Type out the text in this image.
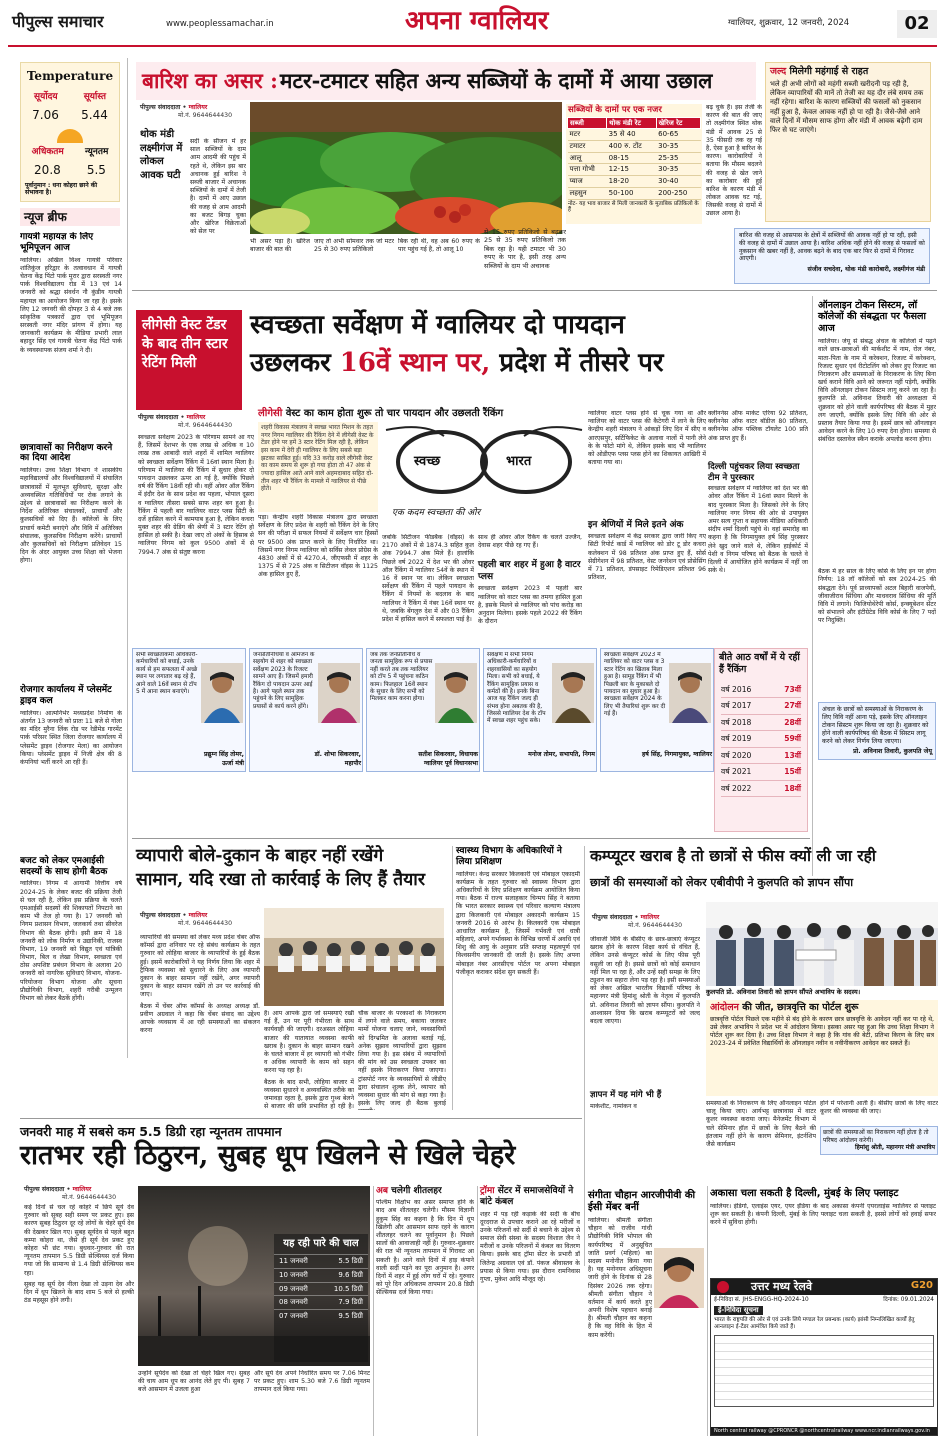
पीपुल्स समाचार	www.peoplessamachar.in	अपना ग्वालियर	ग्वालियर, शुक्रवार, 12 जनवरी, 2024	02
Temperature
सूर्योदय	सूर्यास्त
7.06 5.44
अधिकतम न्यूनतम
20.8 5.5
पूर्वानुमान : धना कोहरा छाने की संभावना है।
न्यूज ब्रीफ
गायत्री महायज्ञ के लिए भूमिपूजन आज
ग्वालियर। अखिल विश्व गायत्री परिवार शांतिकुंज हरिद्वार के तत्वावधान में गायत्री चेतना केंद्र पिंटो पार्क मुरार द्वारा सरस्वती नगर पार्क विश्वविद्यालय रोड में 13 एवं 14 जनवरी को श्रद्धा संवर्धन नौ कुंडीय गायत्री महायज्ञ का आयोजन किया जा रहा है। इसके लिए 12 जनवरी की दोपहर 3 से 4 बजे तक सांकृतिक पत्रकारों द्वारा एवं भूमिपूजन सरस्वती नगर मंदिर प्रांगण में होगा। यह जानकारी कार्यक्रम के मीडिया प्रभारी लाल बहादुर सिंह एवं गायत्री चेतना केंद्र पिंटो पार्क के व्यवस्थापक संजय शर्मा ने दी।
छात्रावासों का निरीक्षण करने का दिया आदेश
ग्वालियर। उच्च शिक्षा विभाग ने शासकीय महाविद्यालयों और विश्वविद्यालयों में संचालित छात्रावासों में मूलभूत सुविधाएं, सुरक्षा और अव्यवस्थित गतिविधियों पर रोक लगाने के उद्देश्य से छात्रावासों का निरीक्षण करने के निर्देश अतिरिक्त संचालकों, प्राचार्यों और कुलसचिवों को दिए हैं। कॉलेजों के लिए प्राचार्य कमेटी बनाएंगे और विवि में अतिरिक्त संचालक, कुलसचिव निरीक्षण करेंगे। प्राचार्यों और कुलसचिवों को निरीक्षण प्रतिवेदन 15 दिन के अंदर आयुक्त उच्च शिक्षा को भेजना होगा।
रोजगार कार्यालय में प्लेसमेंट ड्राइव कल
ग्वालियर। आत्मनिर्भर मध्यप्रदेश निर्माण के अंतर्गत 13 जनवरी को प्रातः 11 बजे से गोला का मंदिर मुरैना लिंक रोड पर रेडीमेड गारमेंट पार्क परिसर स्थित जिला रोजगार कार्यालय में प्लेसमेंट ड्राइव (रोजगार मेला) का आयोजन किया। प्लेसमेंट ड्राइव में निजी क्षेत्र की 8 कंपनियां भर्ती करने आ रही हैं।
बजट को लेकर एमआईसी सदस्यों के साथ होगी बैठक
ग्वालियर। निगम में आगामी वित्तीय वर्ष 2024-25 के लेकर बजट की प्रक्रिया तेजी से चल रही है, लेकिन इस प्रक्रिया के चलते एमआईसी सदस्यों की शिकायतों निपटाने का काम भी तेज हो गया है। 17 जनवरी को निगम प्रशासन विभाग, जलकार्य तथा सीवरेज विभाग की बैठक होगी। इसी क्रम में 18 जनवरी को लोक निर्माण व उद्यानिकी, राजस्व विभाग, 19 जनवरी को विद्युत एवं यांत्रिकी विभाग, बिल व लेखा विभाग, स्वच्छता एवं ठोस अपशिष्ट प्रबंधन विभाग के अलावा 20 जनवरी को नागरिक सुविधाएं विभाग, योजना-परियोजना विभाग योजना और सूचना प्रौद्योगिकी विभाग, शहरी गरीबी उन्मूलन विभाग को लेकर बैठकें होंगी।
बारिश का असर : मटर-टमाटर सहित अन्य सब्जियों के दामों में आया उछाल
पीपुल्स संवाददाता • ग्वालियर
मो.नं. 9644644430
थोक मंडी लक्ष्मीगंज में लोकल आवक घटी
सर्दी के सीजन में हर साल सब्जियों के दाम आम आदमी की पहुंच में रहते थे, लेकिन इस बार अचानक हुई बारिश ने सब्जी बाजार में अचानक सब्जियों के दामों में तेजी है। दामों में आए उछाल की वजह से आम आदमी का बजट बिगड़ चुका और खेरिज विक्रेताओं को सेल पर
भी असर पड़ा है। खेरिज बाजार की बात की
जाए तो अभी सोमवार तक जो मटर 25 से 30 रुपए प्रतिकिलो
बिक रही थी, वह अब 60 रुपए के पार पहुंच गई है, तो आलू 10
से 15 रुपए प्रतिकिलो से बढ़कर 25 से 35 रुपए प्रतिकिलो तक बिक रहा है। यही टमाटर भी 30 रुपए के पार है, इसी तरह अन्य सब्जियों के दाम भी अचानक
सब्जियों के दामों पर एक नजर
सब्जी	थोक मंडी रेट	खेरिज रेट
मटर	35 से 40	60-65
टमाटर	400 रु. टोंट	30-35
आलू	08-15	25-35
पत्ता गोभी	12-15	30-35
प्याज	18-20	30-40
लहसुन	50-100	200-250
नोट- यह भाव बाजार से मिली जानकारी के मुताबिक प्रतिकिलो के हैं
बढ़ चुके हैं। इस तेजी के कारण की बात की जाए तो लक्ष्मीगंज स्थित थोक मंडी में आवक 25 से 35 फीसदी तक रह गई है, ऐसा हुआ है बारिश के कारण। कारोबारियों ने बताया कि मौसम बदलने की वजह से खेत जाने का कारोबार की हुई बारिश के कारण मंडी में लोकल आवक घट गई, जिसकी वजह से दामों में उछाल आया है।
बारिश की वजह से आसपास के क्षेत्रों में सब्जियों की आवक नहीं हो पा रही, इसी की वजह से दामों में उछाल आया है। बारिश अधिक नहीं होने की वजह से फसलों को नुकसान की खबर नहीं है, आवक बढ़ने के बाद एक बार फिर से दामों में गिरावट आएगी।
संजीव सचदेवा, थोक मंडी कारोबारी, लक्ष्मीगंज मंडी
जल्द मिलेगी महंगाई से राहत
भले ही अभी लोगों को महंगी सब्जी खरीदनी पड़ रही है, लेकिन व्यापारियों की मानें तो तेजी का यह दौर लंबे समय तक नहीं रहेगा। बारिश के कारण सब्जियों की फसलों को नुकसान नहीं हुआ है, केवल आवक नहीं हो पा रही है। जैसे-जैसे आने वाले दिनों में मौसम साफ होगा और मंडी में आवक बढ़ेगी दाम फिर से घट जाएंगे।
लीगेसी वेस्ट टेंडर के बाद तीन स्टार रेटिंग मिली
स्वच्छता सर्वेक्षण में ग्वालियर दो पायदान
उछलकर 16वें स्थान पर, प्रदेश में तीसरे पर
पीपुल्स संवाददाता • ग्वालियर
मो.नं. 9644644430
लीगेसी वेस्ट का काम होता शुरू तो चार पायदान और उछलती रैंकिंग
शहरी विकास मंत्रालय ने स्वच्छ भारत मिशन के तहत नगर निगम ग्वालियर की रैंकिंग देने में लीगेसी वेस्ट के टेंडर होने पर हमें 3 स्टार रेटिंग मिल रही है, लेकिन इस काम में देरी ही ग्वालियर के लिए सबसे बड़ा झटका साबित हुई। यदि 33 करोड़ वाले लीगेसी वेस्ट का काम समय से शुरू हो गया होता तो 47 अंक से ज्यादा हासिल आते आने वाले अहमदाबाद सहित दो-तीन शहर भी रैंकिंग के मामले में ग्वालियर से पीछे होते।
स्वच्छ	भारत
एक कदम स्वच्छता की ओर
स्वच्छता सर्वेक्षण 2023 के परिणाम सामने आ गए हैं, जिसमें देशभर के एक लाख से अधिक व 10 लाख तक आबादी वाले शहरों में शामिल ग्वालियर को स्वच्छता सर्वेक्षण रैंकिंग में 16वां स्थान मिला है। परिणाम में ग्वालियर की रैंकिंग में सुधार होकर दो पायदान उछलकर ऊपर आ गई है, क्योंकि पिछले वर्ष की रैंकिंग 18वीं रही थी। वहीं ओवर ऑल रैंकिंग में इंदौर देश के साथ प्रदेश का पहला, भोपाल दूसरा व ग्वालियर तीसरा सबसे साफ शहर बन हुआ है। रैंकिंग में पहली बार ग्वालियर वाटर प्लस सिटी के दर्जे हासिल करने में कामयाब हुआ है, लेकिन कचरा मुक्त शहर की ग्रेडिंग की श्रेणी में 3 स्टार रेटिंग हो हासिल हो सकी है। देखा जाए तो अंकों के हिसाब से ग्वालियर निगम को कुल 9500 अंकों में से 7994.7 अंक से संतुष्ट करना
पड़ा। केन्द्रीय शहरी विकास मंत्रालय द्वारा स्वच्छता सर्वेक्षण के लिए प्रदेश के शहरी को रैंकिंग देने के लिए सन की परीक्षा में सफल नियमों में सर्वेक्षण चार हिस्सों पर 9500 अंक प्राप्त करने के लिए निर्धारित था। जिसमें नगर निगम ग्वालियर को सर्विस लेवल प्रोग्रेस के 4830 अंकों में से 4270.4, जीएफसी में शहर के 1375 में से 725 अंक व सिटीजन वॉइस के 1125 अंक हासिल हुए हैं,
जबकि सिटीजन फीडबैक (वॉइस) के 2170 अंकों में से 1874.3 सहित कुल अंक 7994.7 अंक मिले हैं। हालांकि पिछले वर्ष 2022 में देश भर की ओवर ऑल रैंकिंग में ग्वालियर 54वें के स्थान में 16 वें स्थान पर था। लेकिन स्वच्छता सर्वेक्षण की रैंकिंग में पहले पायदान के रैंकिंग में नियमों के बदलाव के बाद ग्वालियर ने रैंकिंग में नंबर 16वें स्थान पर थे, जबकि बेंगलुरु देश में और 03 रैंकिंग प्रदेश में हासिल करने में सफलता पाई है।
साथ ही ओवर ऑल रैंकिंग के चलते उज्जैन, देवास शहर पीछे रह गए हैं।
पहली बार शहर में हुआ है वाटर प्लस
स्वच्छता सर्वेक्षण 2023 में पहली बार ग्वालियर को वाटर प्लस का तमगा हासिल हुआ है, इसके मिलने से ग्वालियर को पांच करोड़ का अनुदान मिलेगा। इसके पहले 2022 की रैंकिंग के दौरान
ग्वालियर वाटर प्लस होने से चूक गया था और ग्वालियर को वाटर प्लस की कैटेगरी में लाने के लिए केन्द्रीय शहरी मंत्रालय ने आंकड़ों लिए दिन में सीए व आरएसपुर, सर्टिफिकेट के अलावा नालों में पानी लेने के के फोटो मांगे थे, लेकिन इसके बाद भी ग्वालियर को ओडीएफ प्लस प्लस होने का शिकायत आखिरी में बताया गया था।
इन श्रेणियों में मिले इतने अंक
स्वच्छता सर्वेक्षण में केंद्र सरकार द्वारा जारी किए गए सिटी रिपोर्ट कार्ड में ग्वालियर को डोर टू डोर कचरा कलेक्शन में 98 प्रतिशत अंक प्राप्त हुए हैं, सोर्स सेग्रीगेशन में 98 प्रतिशत, वेस्ट जनरेशन एवं प्रोसेसिंग में 71 प्रतिशत, डंपसाइट रिमेडिएशन प्रतिशत 96 प्रतिशत,
क्लीननेस ऑफ मार्केट एरिया 92 प्रतिशत, क्लीननेस ऑफ वाटर बॉडीज 80 प्रतिशत, क्लीननेस ऑफ पब्लिक टॉयलेट 100 प्रति अंक प्राप्त हुए हैं।
दिल्ली पहुंचकर लिया स्वच्छता टीम ने पुरस्कार
स्वच्छता सर्वेक्षण में ग्वालियर को देश भर की ओवर ऑल रैंकिंग में 16वां स्थान मिलने के बाद पुरस्कार मिला है। जिसको लेने के लिए ग्वालियर नगर निगम की ओर से उपायुक्त अमर सत्य गुप्ता व सहायक मीडिया अधिकारी संदीप शर्मा दिल्ली पहुंचे थे। वहां समारोह का कहना है कि निगमायुक्त हर्ष सिंह पुरस्कार लेने खुद जाने वाले थे, लेकिन हाईकोर्ट में पेशी व निगम परिषद को बैठक के चलते वे दिल्ली में आयोजित होने कार्यक्रम में नहीं जा सके थे।
ऑनलाइन टोकन सिस्टम, लॉ कॉलेजों की संबद्धता पर फैसला आज
ग्वालियर। जेयू से संबद्ध अंचल के कॉलेजों में पढ़ने वाले छात्र-छात्राओं की मार्कशीट में नाम, रोल नंबर, माता-पिता के नाम में करेक्शन, रिजल्ट में करेक्शन, रिजल्ट सुधार एवं रीटोटलिंग को लेकर हुए रिजल्ट का निराकरण और समस्याओं के निराकरण के लिए बिना खर्च कराने विवि आने को जरूरत नहीं पड़ेगी, क्योंकि विवि ऑनलाइन टोकन सिस्टम लागू करने जा रहा है। कुलपति प्रो. अविनाश तिवारी की अध्यक्षता में शुक्रवार को होने वाली कार्यपरिषद की बैठक में मुहर लग जाएगी, क्योंकि इसके लिए विवि की ओर से प्रस्ताव तैयार किया गया है। इसमें छात्र को ऑनलाइन आवेदन करने के लिए 10 रुपए देना होगा। समस्या से संबंधित दस्तावेज स्कैन कराके अपलोड करना होगा।
बैठक में हर साल के लिए कोर्स के लिए इन पर होगा निर्णय: 18 लॉ कॉलेजों को सत्र 2024-25 की संबद्धता देने। पूर्व प्राध्यापकों अटल बिहारी वाजपेयी, जीवाजीराव सिंधिया और माधवराव सिंधिया की मूर्ति विवि में लगाने। फिजियोथेरेपी कोर्स, इन्क्यूबेशन सेंटर को संभालने और इंटीग्रेटेड विवि कोर्स के लिए 7 पदों पर निदुक्ति।
अंचल के छात्रों को समस्याओं के निराकरण के लिए विवि नहीं आना पड़े, इसके लिए ऑनलाइन टोकन सिस्टम शुरू किया जा रहा है। शुक्रवार को होने वाली कार्यपरिषद की बैठक में सिस्टम लागू करने को लेकर निर्णय लिया जाएगा।
प्रो. अविनाश तिवारी, कुलपति जेयू
सभी स्वच्छताकर्मी अधिकारी-कर्मचारियों को बधाई, उनके कार्य से हम सफलता में अच्छे स्थान पर लगातार बढ़ रहे हैं, आने वाले 16वें स्थान से टॉप 5 में आना स्थान बनाएंगे।
प्रद्युम्न सिंह तोमर,
ऊर्जा मंत्री
जनप्रतिनिधियों व आमजन के सहयोग से शहर को स्वच्छता सर्वेक्षण 2023 के रिजल्ट सामने आए हैं। जिसमें हमारी रैंकिंग दो पायदान ऊपर आई है। आगे पहले स्थान तक पहुंचने के लिए सामूहिक प्रयासों से कार्य करने होंगे।
डॉ. शोभा सिकरवार,
महापौर
जब तक जनप्रतिनिधि व जनता सामूहिक रूप से प्रयास नहीं करते तब तक ग्वालियर को टॉप 5 में पहुंचना कठिन काम। फिलहाल 16वें स्थान के सुधार के लिए सभी को मिलकर काम करना होगा।
सतीश सिकरवार, विधायक
ग्वालियर पूर्व विधानसभा
सर्वेक्षण में सभी निगम अधिकारी-कर्मचारियों व शहरवासियों का सहयोग मिला। सभी को बधाई, ये रैंकिंग सामूहिक प्रयास व कर्मठों की है। इनके बिना आज यह रैंकिंग जल्द ही संभव होना अबतक की है, जिससे ग्वालियर देश के टॉप में स्वच्छ शहर पहुंच सके।
मनोज तोमर, सभापति, निगम
स्वच्छता सर्वेक्षण 2023 में ग्वालियर को वाटर प्लस व 3 स्टार रेटिंग का खिताब मिला हुआ है। सामूह रैंकिंग में भी पिछली बार के मुकाबले दो पायदान का सुधार हुआ है। स्वच्छता सर्वेक्षण 2024 के लिए भी तैयारियां शुरू कर दी गई हैं।
हर्ष सिंह, निगमायुक्त, ग्वालियर
बीते आठ वर्षों में ये रहीं हैं रैंकिंग
वर्ष 2016	73वीं
वर्ष 2017	27वीं
वर्ष 2018	28वीं
वर्ष 2019	59वीं
वर्ष 2020	13वीं
वर्ष 2021	15वीं
वर्ष 2022	18वीं
व्यापारी बोले-दुकान के बाहर नहीं रखेंगे
सामान, यदि रखा तो कार्रवाई के लिए हैं तैयार
पीपुल्स संवाददाता • ग्वालियर
मो.नं. 9644644430

व्यापारियों की समस्या को लेकर मध्य प्रदेश चेंबर ऑफ कॉमर्स द्वारा शनिवार पर रहे संबंध कार्यक्रम के तहत गुरुवार को लोहिया बाजार के व्यापारियों के हुई बैठक हुई। इसमें कारोबारियों ने यह निर्णय लिया कि शहर में ट्रैफिक व्यवस्था को सुधारने के लिए अब व्यापारी दुकान के बाहर सामान नहीं रखेंगे, अगर व्यापारी दुकान के बाहर सामान रखेंगे तो उन पर कार्रवाई की जाए।

बैठक में चेंबर ऑफ कॉमर्स के अध्यक्ष अध्यक्ष डॉ. प्रवीण अग्रवाल ने कहा कि चेंबर संवाद का उद्देश्य आपके व्यवसाय में आ रही समस्याओं का संकलन करना

है। आप आपके द्वारा जो समस्याएं रखी गई हैं, उन पर पूरी गंभीरता के साथ कार्यवाही की जाएगी। दरअसल लोहिया बाजार की यातायात व्यवस्था काफी खराब है। दुकान के बाहर सामान रखने के चलते बाजार में हर व्यापारी को गंभीर व अधिक व्यापारी के काम को सहन करना पड़ रहा है।

बैठक के बाद सभी, लोहिया बाजार में व्यवस्था सुधारने व अव्यवस्थित तरीके का जमावड़ा रहता है, इसके द्वारा गुथ्थ बेलने से बाजार की छवि प्रभावित हो रही है।

चौक बाजार के परकाशों के निराकरण में लगने वाले समय, बकाया जलकर मामों योजना चलाए जाने, व्यवसायियों को दिग्भ्रमित के अलावा बताई गई, अनेक सुझाव व्यापारियों द्वारा सुझाव लिया गया है। इस संबंध में व्यापारियों की मांग को उस स्वच्छता उपकर का नहीं इसके निराकरण किया जाएगा। ट्रांसपोर्ट नगर के व्यवसायियों से जीडीए द्वारा संचालन शुल्क लेने, व्यापार को व्यवस्था सुधार की मांग से कहा गया है। इसके लिए जल्द ही बैठक बुलाई

स्वास्थ्य विभाग के अधिकारियों ने लिया प्रशिक्षण
ग्वालियर। केन्द्र सरकार किलकारी एवं मोबाइल एकादमी कार्यक्रम के तहत गुरुवार को स्वास्थ्य विभाग द्वारा अधिकारियों के लिए प्रशिक्षण कार्यक्रम आयोजित किया गया। बैठक में राज्य सलाहकार चिन्मय सिंह ने बताया कि भारत सरकार स्वास्थ्य एवं परिवार कल्याण मंत्रालय द्वारा किलकारी एवं मोबाइल अकादमी कार्यक्रम 15 जनवरी 2016 से आरंभ है। किलकारी एक मोबाइल आधारित कार्यक्रम है, जिसमें गर्भवती एवं धात्री महिलाएं, अपने गर्भावस्था के विभिन्न चरणों में अवधि एवं शिशु की आयु के अनुसार प्रति सप्ताह महत्वपूर्ण एवं विश्वसनीय जानकारी दी जाती है। इसके लिए अपना मोबाइल नंबर आरसीएच पोर्टल पर अपना मोबाइल पंजीकृत कराकर संदेश सुन सकती हैं।
कम्प्यूटर खराब है तो छात्रों से फीस क्यों ली जा रही
छात्रों की समस्याओं को लेकर एबीवीपी ने कुलपति को ज्ञापन सौंपा
पीपुल्स संवाददाता • ग्वालियर
मो.नं. 9644644430
कुलपति प्रो. अविनाश तिवारी को ज्ञापन सौंपते अभाविप के सदस्य।
जीवाजी विवि के बीसीए के छात्र-छात्राएं कंप्यूटर खराब होने के कारण शिक्षा कार्य से वंचित हैं, लेकिन उनसे कंप्यूटर कोर्स के लिए फीस पूरी वसूली जा रही है। इससे छात्रों को कोई समाधान नहीं मिल पा रहा है, और उन्हें सही समझ के लिए ट्यूशन का सहारा लेना पड़ रहा है। इसी समस्याओं को लेकर अखिल भारतीय विद्यार्थी परिषद के महानगर मंत्री हिमांशु श्रोती के नेतृत्व में कुलपति प्रो. अविनाश तिवारी को ज्ञापन सौंपा। कुलपति ने आश्वासन दिया कि खराब कम्प्यूटरों को जल्द बदला जाएगा।
ज्ञापन में यह मांगे भी हैं
मार्कशीट, नामांकन व
आंदोलन की जीत, छात्रवृत्ति का पोर्टल शुरू
छात्रवृत्ति पोर्टल पिछले एक महीने से बंद होने के कारण छात्र छात्रवृत्ति के आवेदन नहीं कर पा रहे थे, उसे लेकर अभाविप ने प्रदेश भर में आंदोलन किया। इसका असर यह हुआ कि उच्च शिक्षा विभाग ने पोर्टल शुरू कर दिया है। उच्च शिक्षा विभाग ने कहा है कि गांव की बेटी, प्रतिभा किरण के लिए सत्र 2023-24 में प्रवेशित विद्यार्थियों के ऑनलाइन नवीन व नवीनीकरण आवेदन कर सकते हैं।
समस्याओं के निराकरण के लिए ऑनलाइन पोर्टल चालू किया जाए। आर्यभट्ट छात्रावास में वाटर कूलर व्यवस्था कराया जाए। मैनेजमेंट विभाग में चले सेमिनार हॉल में छात्रों के लिए बैठने की इंतजाम नहीं होने के कारण सेमिनार, इंटर्नशिप जैसे कार्यक्रम
होने में परेशानी आती है। बीसीए छात्रों के लिए वाटर कूलर की व्यवस्था की जाए।
छात्रों की समस्याओं का निराकरण नहीं होता है तो परिषद आंदोलन करेगी।
हिमांशु श्रोती, महानगर मंत्री अभाविप
जनवरी माह में सबसे कम 5.5 डिग्री रहा न्यूनतम तापमान
रातभर रही ठिठुरन, सुबह धूप खिलने से खिले चेहरे
पीपुल्स संवाददाता • ग्वालियर
मो.नं. 9644644430
यह रही पारे की चाल
11 जनवरी	5.5 डिग्री
10 जनवरी	9.6 डिग्री
09 जनवरी	10.5 डिग्री
08 जनवरी	7.9 डिग्री
07 जनवरी	9.5 डिग्री

कई दिनों से चल रहे कोहरे में छिपे सूर्य देव गुरुवार को सुबह सही समय पर प्रकट हुए। इस कारण सुबह ठिठुरन दूर रहे लोगों के चेहरे सूर्य देव की देखकर खिल गए। सुबह सूर्यदेव से पहले बहुत कम्पा कोहरा था, जैसे ही सूर्य देव प्रकट हुए कोहरा भी छंट गया। बुधवार-गुरुवार की रात न्यूनतम तापमान 5.5 डिग्री सेल्सियस दर्ज किया गया जो कि सामान्य से 1.4 डिग्री सेल्सियस कम रहा।

सुबह यह सूर्य देव नीला देखा तो उड़ना देव और दिन में धूप खिलने के बाद शाम 5 बजे से हल्की ठंड महसूस होने लगी।

उन्होंने सूर्यदेव को देखा तो चेहरे खिल गए। सुबह की चाय आम धूप का आनंद लेते हुए पी। सुबह 7 बजे आसमान में उजला हुआ
और सूर्य देव अपने निर्धारित समय पर 7.06 मिनट पर प्रकट हुए। शाम 5.30 बजे 7.6 डिग्री न्यूनतम तापमान दर्ज किया गया।
अब चलेगी शीतलहर
पश्चिम विक्षोभ का असर समाप्त होने के बाद अब शीतलहर चलेगी। मौसम विज्ञानी हुकुम सिंह का कहना है कि दिन में धूप खिलेगी और आसमान साफ रहने के कारण शीतलहर चलने का पूर्वानुमान है। पिछले सालों की आवाजाही नहीं है। गुरुवार-शुक्रवार की रात भी न्यूनतम तापमान में गिरावट आ सकती है। आने वाले दिनों में हाड़ कंपाने वाली सर्दी पड़ने का पूरा अनुमान है। अगर दिनों में शहर में हुई लोग घरों में रहे। गुरुवार को पूरे दिन अधिकतम तापमान 20.8 डिग्री सेल्सियस दर्ज किया गया।
ट्रॉमा सेंटर में समाजसेवियों ने बांटे कंबल
शहर में पड़ रही कड़ाके की सर्दी के बीच दूरदराज से उपचार कराने आ रहे मरीजों व उनके परिजनों को सर्दी से बचाने के उद्देश्य से समाज सेवी संस्था के सदस्य विशाल जैन ने मरीजों व उनके परिजनों में कंबल का वितरण किया। इसके बाद ट्रॉमा सेंटर के प्रभारी डॉ जितेन्द्र अग्रवाल एवं डॉ. पंकज श्रीवास्तव के प्रयास से किया गया। इस दौरान रामनिवास गुप्ता, मुकेश आदि मौजूद रहे।
संगीता चौहान आरजीपीवी की ईसी मेंबर बनीं
ग्वालियर। श्रीमती संगीता चौहान को राजीव गांधी प्रौद्योगिकी विवि भोपाल की कार्यपरिषद में अनुसूचित जाति प्रवर्ग (महिला) का सदस्य मनोनीत किया गया है। यह मनोनयन अधिसूचना जारी होने के दिनांक से 28 दिसंबर 2026 तक रहेगा। श्रीमती संगीता चौहान ने वर्तमान में कार्य करते हुए अपनी विशेष पहचान बनाई है। श्रीमती चौहान का कहना है कि वह विवि के हित में काम करेंगी।
अकासा चला सकती है दिल्ली, मुंबई के लिए फ्लाइट
ग्वालियर। इंडिगो, एलाइंस एयर, एयर इंडिया के बाद अकासा कंपनी एयरलाइंस ग्वालियर से फ्लाइट शुरू कर सकती है। कंपनी दिल्ली, मुंबई के लिए फ्लाइट चला सकती है, इससे लोगों को हवाई सफर करने में सुविधा होगी।
उत्तर मध्य रेलवे	G20
ई-निविदा सं. JHS-ENGG-HQ-2024-10	दिनांक: 09.01.2024
ई-निविदा सूचना
भारत के राष्ट्रपति की ओर से एवं उनके लिये मण्डल रेल प्रबन्धक (कार्य) झांसी निम्नलिखित कार्यों हेतु आनलाइन ई-टेंडर आमंत्रित किये जाते हैं।
North central railway @CPRONCR @northcentralrailway www.ncr.indianrailways.gov.in
